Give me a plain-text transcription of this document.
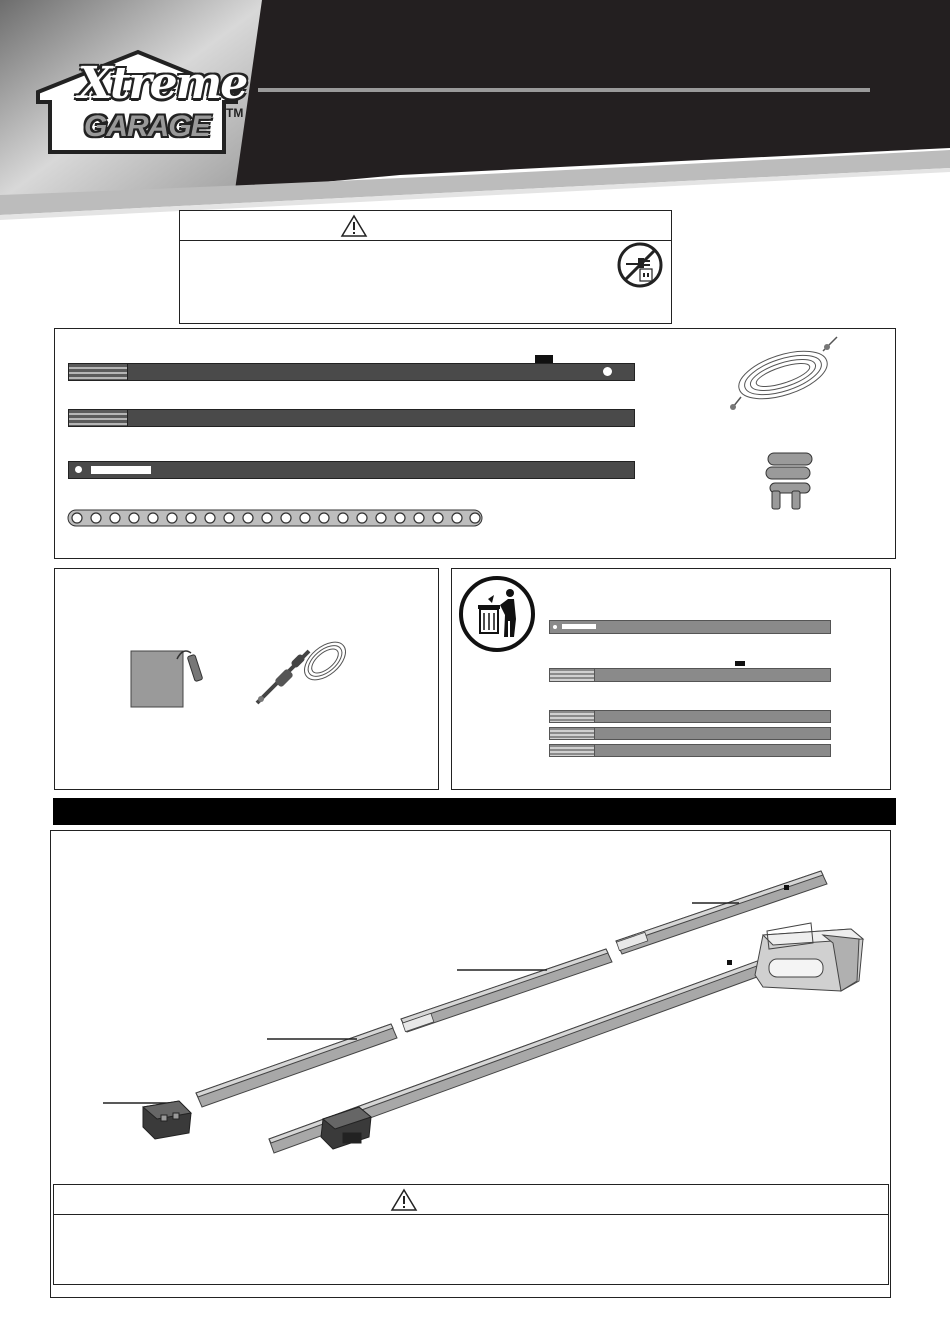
Xtreme
GARAGE TM
